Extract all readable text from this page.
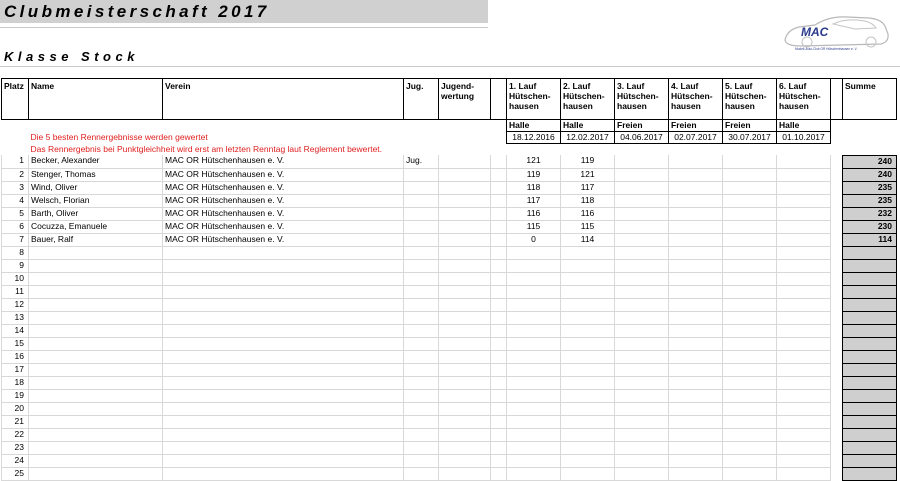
Clubmeisterschaft 2017
Klasse Stock
MAC
Modell-Auto-Club OR Hütschenhausen e. V.
Platz	Name	Verein	Jug.	Jugend-wertung		1. Lauf Hütschen-hausen	2. Lauf Hütschen-hausen	3. Lauf Hütschen-hausen	4. Lauf Hütschen-hausen	5. Lauf Hütschen-hausen	6. Lauf Hütschen-hausen		Summe
						Halle	Halle	Freien	Freien	Freien	Halle		
	Die 5 besten Rennergebnisse werden gewertet					18.12.2016	12.02.2017	04.06.2017	02.07.2017	30.07.2017	01.10.2017		
	Das Rennergebnis bei Punktgleichheit wird erst am letzten Renntag laut Reglement bewertet.												
1	Becker, Alexander	MAC OR Hütschenhausen e. V.	Jug.			121	119						240
2	Stenger, Thomas	MAC OR Hütschenhausen e. V.				119	121						240
3	Wind, Oliver	MAC OR Hütschenhausen e. V.				118	117						235
4	Welsch, Florian	MAC OR Hütschenhausen e. V.				117	118						235
5	Barth, Oliver	MAC OR Hütschenhausen e. V.				116	116						232
6	Cocuzza, Emanuele	MAC OR Hütschenhausen e. V.				115	115						230
7	Bauer, Ralf	MAC OR Hütschenhausen e. V.				0	114						114
8													
9													
10													
11													
12													
13													
14													
15													
16													
17													
18													
19													
20													
21													
22													
23													
24													
25													
